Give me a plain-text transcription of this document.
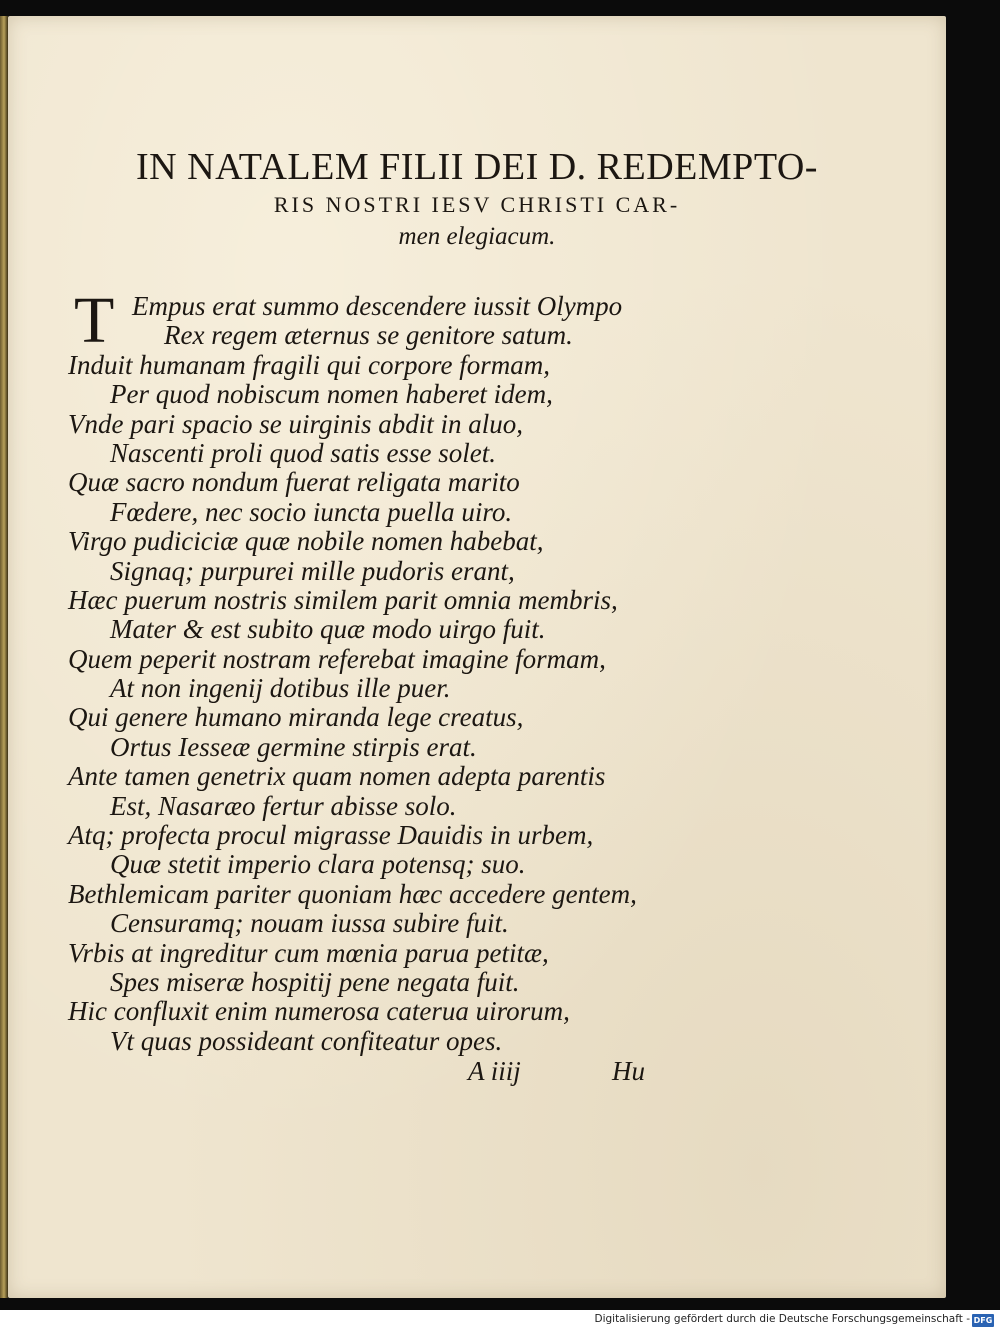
IN NATALEM FILII DEI D. REDEMPTO-
RIS NOSTRI IESV CHRISTI CAR-
men elegiacum.
T Empus erat summo descendere iussit Olympo
Rex regem æternus se genitore satum.
Induit humanam fragili qui corpore formam,
Per quod nobiscum nomen haberet idem,
Vnde pari spacio se uirginis abdit in aluo,
Nascenti proli quod satis esse solet.
Quæ sacro nondum fuerat religata marito
Fœdere, nec socio iuncta puella uiro.
Virgo pudiciciæ quæ nobile nomen habebat,
Signaq; purpurei mille pudoris erant,
Hæc puerum nostris similem parit omnia membris,
Mater & est subito quæ modo uirgo fuit.
Quem peperit nostram referebat imagine formam,
At non ingenij dotibus ille puer.
Qui genere humano miranda lege creatus,
Ortus Iesseæ germine stirpis erat.
Ante tamen genetrix quam nomen adepta parentis
Est, Nasaræo fertur abisse solo.
Atq; profecta procul migrasse Dauidis in urbem,
Quæ stetit imperio clara potensq; suo.
Bethlemicam pariter quoniam hæc accedere gentem,
Censuramq; nouam iussa subire fuit.
Vrbis at ingreditur cum mœnia parua petitæ,
Spes miseræ hospitij pene negata fuit.
Hic confluxit enim numerosa caterua uirorum,
Vt quas possideant confiteatur opes.
A iiij	Hu
Digitalisierung gefördert durch die Deutsche Forschungsgemeinschaft - DFG
